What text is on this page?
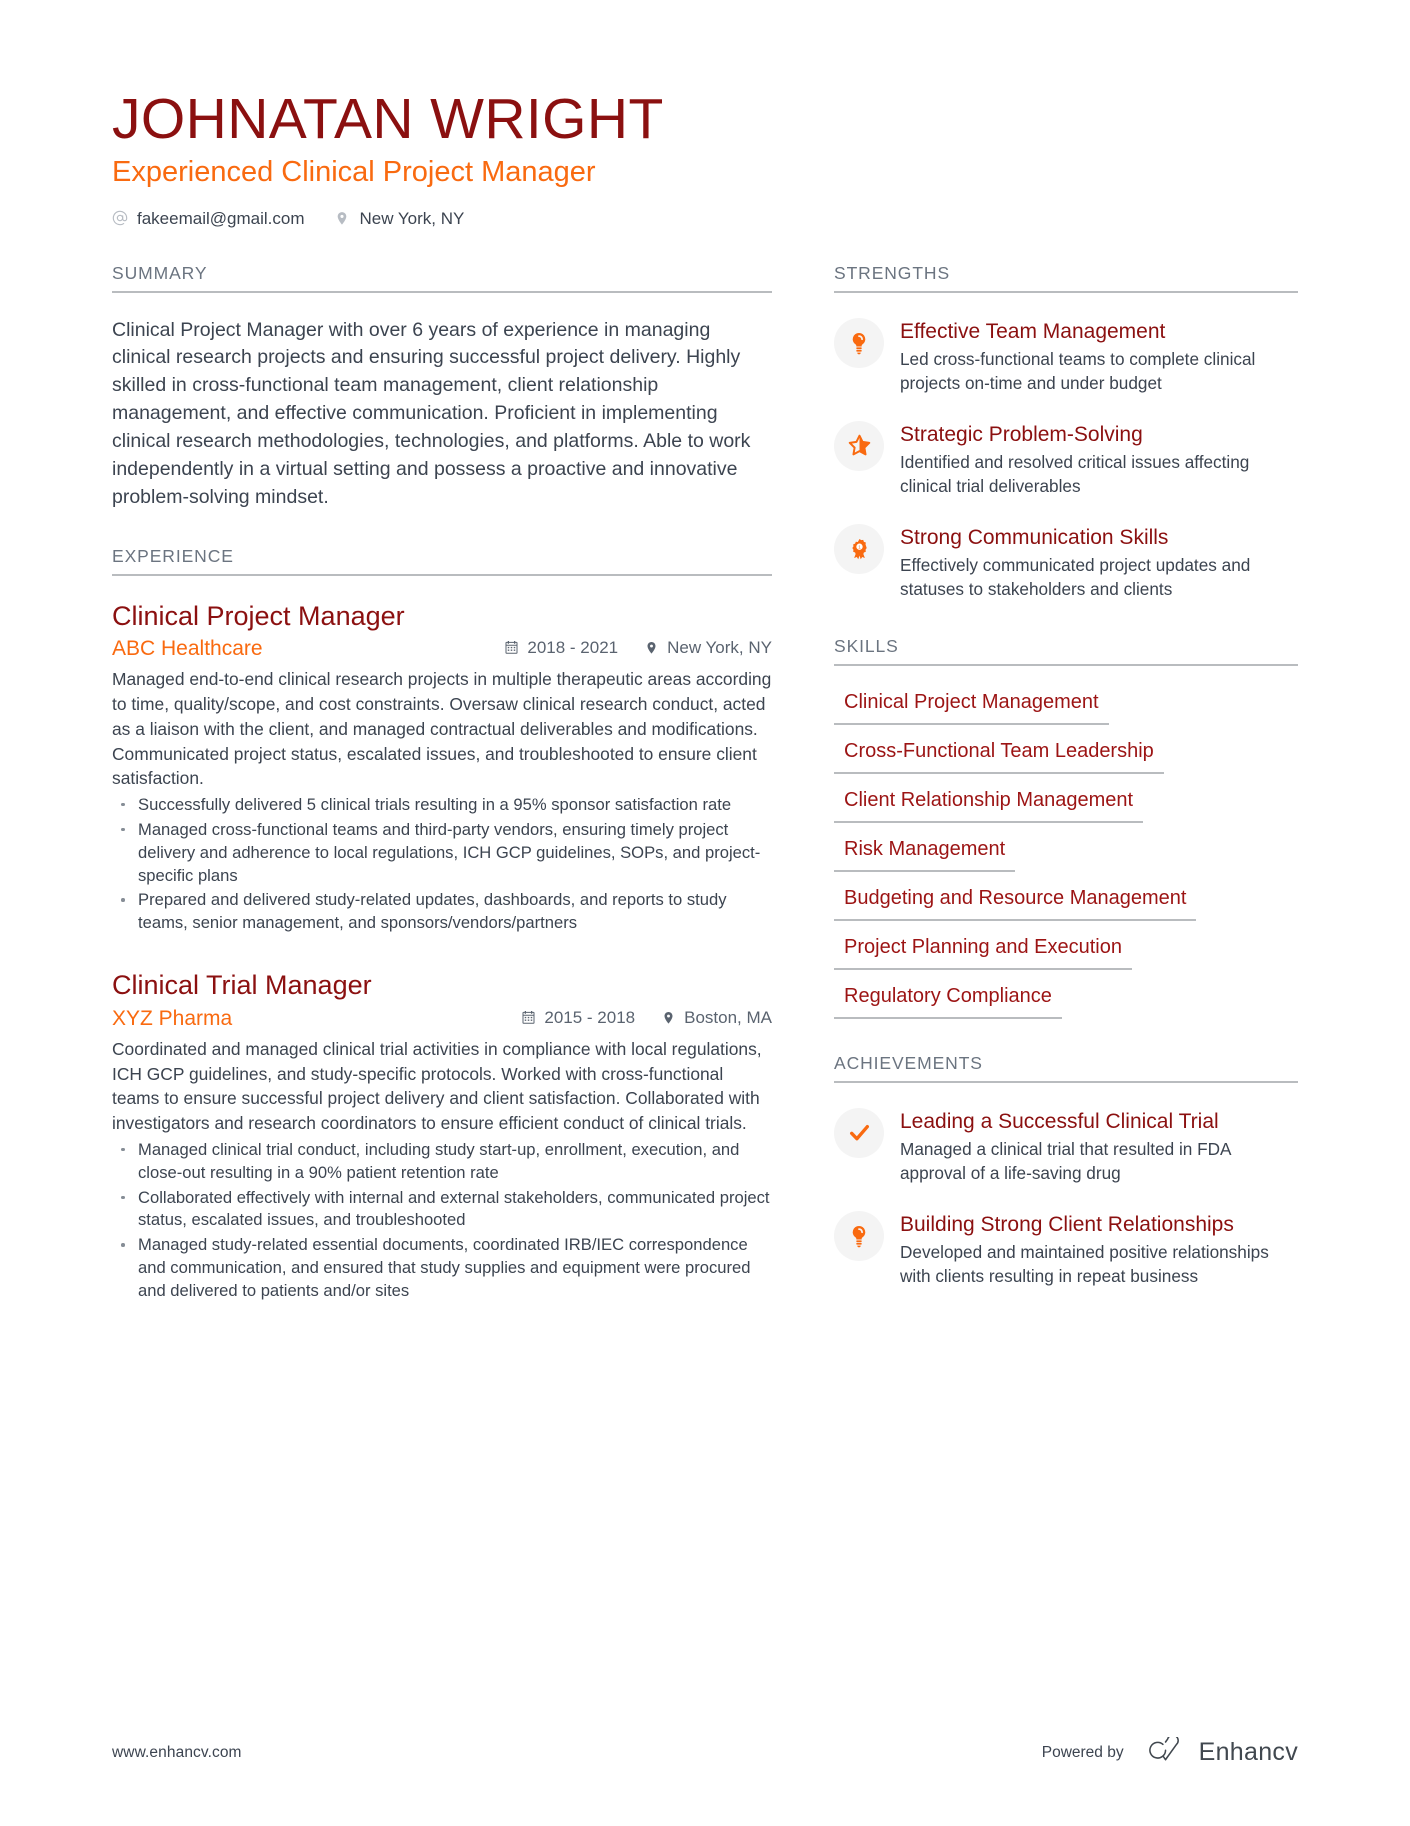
JOHNATAN WRIGHT
Experienced Clinical Project Manager
fakeemail@gmail.com	New York, NY
SUMMARY

Clinical Project Manager with over 6 years of experience in managing clinical research projects and ensuring successful project delivery. Highly skilled in cross-functional team management, client relationship management, and effective communication. Proficient in implementing clinical research methodologies, technologies, and platforms. Able to work independently in a virtual setting and possess a proactive and innovative problem-solving mindset.

EXPERIENCE
Clinical Project Manager
ABC Healthcare	2018 - 2021	New York, NY

Managed end-to-end clinical research projects in multiple therapeutic areas according to time, quality/scope, and cost constraints. Oversaw clinical research conduct, acted as a liaison with the client, and managed contractual deliverables and modifications. Communicated project status, escalated issues, and troubleshooted to ensure client satisfaction.

Successfully delivered 5 clinical trials resulting in a 95% sponsor satisfaction rate
Managed cross-functional teams and third-party vendors, ensuring timely project delivery and adherence to local regulations, ICH GCP guidelines, SOPs, and project-specific plans
Prepared and delivered study-related updates, dashboards, and reports to study teams, senior management, and sponsors/vendors/partners
Clinical Trial Manager
XYZ Pharma	2015 - 2018	Boston, MA

Coordinated and managed clinical trial activities in compliance with local regulations, ICH GCP guidelines, and study-specific protocols. Worked with cross-functional teams to ensure successful project delivery and client satisfaction. Collaborated with investigators and research coordinators to ensure efficient conduct of clinical trials.

Managed clinical trial conduct, including study start-up, enrollment, execution, and close-out resulting in a 90% patient retention rate
Collaborated effectively with internal and external stakeholders, communicated project status, escalated issues, and troubleshooted
Managed study-related essential documents, coordinated IRB/IEC correspondence and communication, and ensured that study supplies and equipment were procured and delivered to patients and/or sites
STRENGTHS
Effective Team Management
Led cross-functional teams to complete clinical projects on-time and under budget
Strategic Problem-Solving
Identified and resolved critical issues affecting clinical trial deliverables
1 Strong Communication Skills
Effectively communicated project updates and statuses to stakeholders and clients
SKILLS
Clinical Project Management
Cross-Functional Team Leadership
Client Relationship Management
Risk Management
Budgeting and Resource Management
Project Planning and Execution
Regulatory Compliance
ACHIEVEMENTS
Leading a Successful Clinical Trial
Managed a clinical trial that resulted in FDA approval of a life-saving drug
Building Strong Client Relationships
Developed and maintained positive relationships with clients resulting in repeat business
www.enhancv.com	Powered by	Enhancv
